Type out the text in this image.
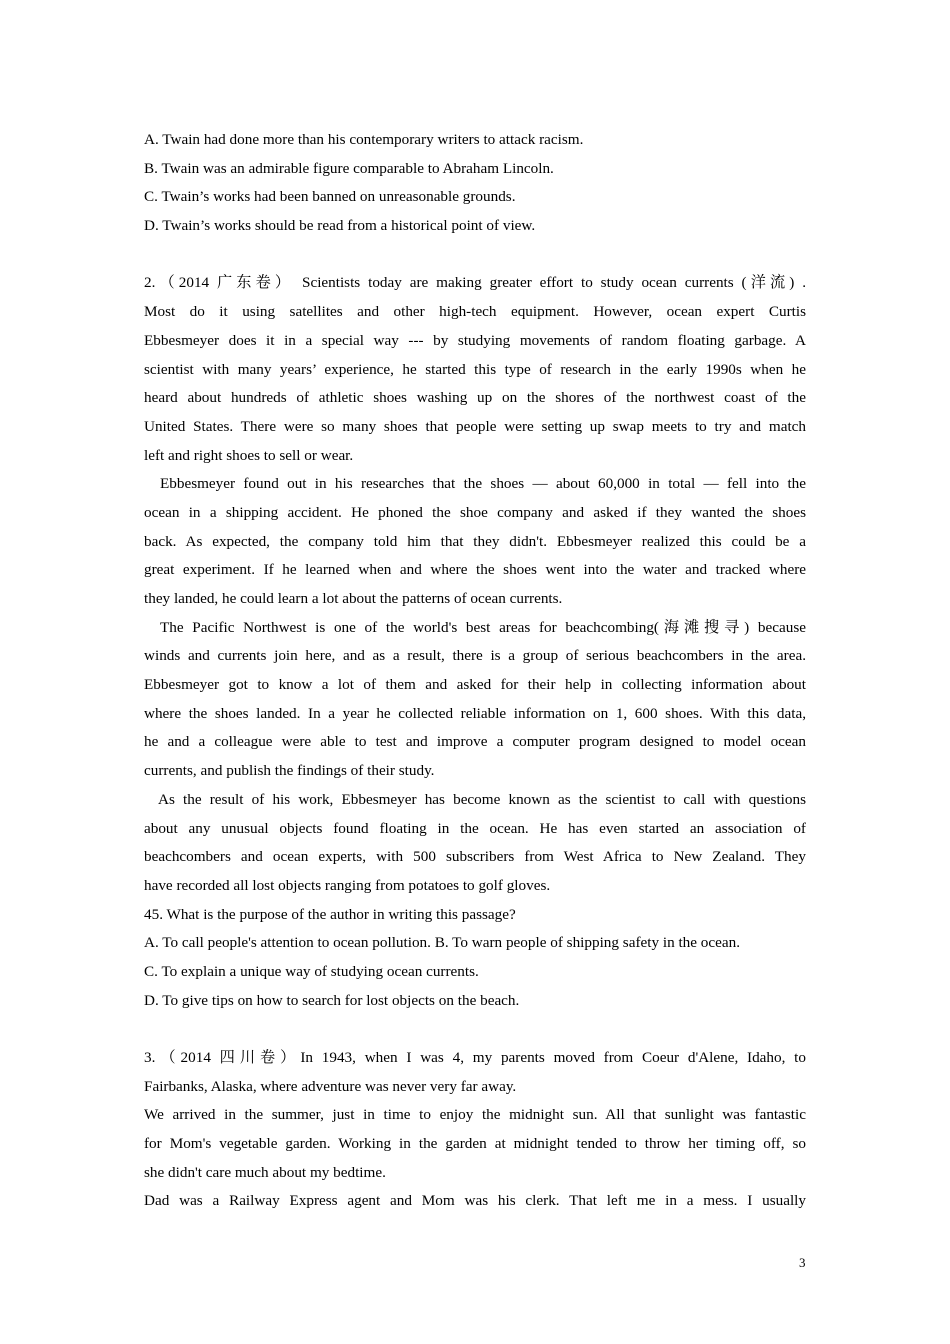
A. Twain had done more than his contemporary writers to attack racism.

B. Twain was an admirable figure comparable to Abraham Lincoln.

C. Twain’s works had been banned on unreasonable grounds.

D. Twain’s works should be read from a historical point of view.

2.（2014 广东卷） Scientists today are making greater effort to study ocean currents (洋流) .

Most do it using satellites and other high-tech equipment. However, ocean expert Curtis

Ebbesmeyer does it in a special way --- by studying movements of random floating garbage. A

scientist with many years’ experience, he started this type of research in the early 1990s when he

heard about hundreds of athletic shoes washing up on the shores of the northwest coast of the

United States. There were so many shoes that people were setting up swap meets to try and match

left and right shoes to sell or wear.

Ebbesmeyer found out in his researches that the shoes — about 60,000 in total — fell into the

ocean in a shipping accident. He phoned the shoe company and asked if they wanted the shoes

back. As expected, the company told him that they didn't. Ebbesmeyer realized this could be a

great experiment. If he learned when and where the shoes went into the water and tracked where

they landed, he could learn a lot about the patterns of ocean currents.

The Pacific Northwest is one of the world's best areas for beachcombing(海滩搜寻) because

winds and currents join here, and as a result, there is a group of serious beachcombers in the area.

Ebbesmeyer got to know a lot of them and asked for their help in collecting information about

where the shoes landed. In a year he collected reliable information on 1, 600 shoes. With this data,

he and a colleague were able to test and improve a computer program designed to model ocean

currents, and publish the findings of their study.

As the result of his work, Ebbesmeyer has become known as the scientist to call with questions

about any unusual objects found floating in the ocean. He has even started an association of

beachcombers and ocean experts, with 500 subscribers from West Africa to New Zealand. They

have recorded all lost objects ranging from potatoes to golf gloves.

45. What is the purpose of the author in writing this passage?

A. To call people's attention to ocean pollution. B. To warn people of shipping safety in the ocean.

C. To explain a unique way of studying ocean currents.

D. To give tips on how to search for lost objects on the beach.

3.（2014 四川卷）In 1943, when I was 4, my parents moved from Coeur d'Alene, Idaho, to

Fairbanks, Alaska, where adventure was never very far away.

We arrived in the summer, just in time to enjoy the midnight sun. All that sunlight was fantastic

for Mom's vegetable garden. Working in the garden at midnight tended to throw her timing off, so

she didn't care much about my bedtime.

Dad was a Railway Express agent and Mom was his clerk. That left me in a mess. I usually

3
